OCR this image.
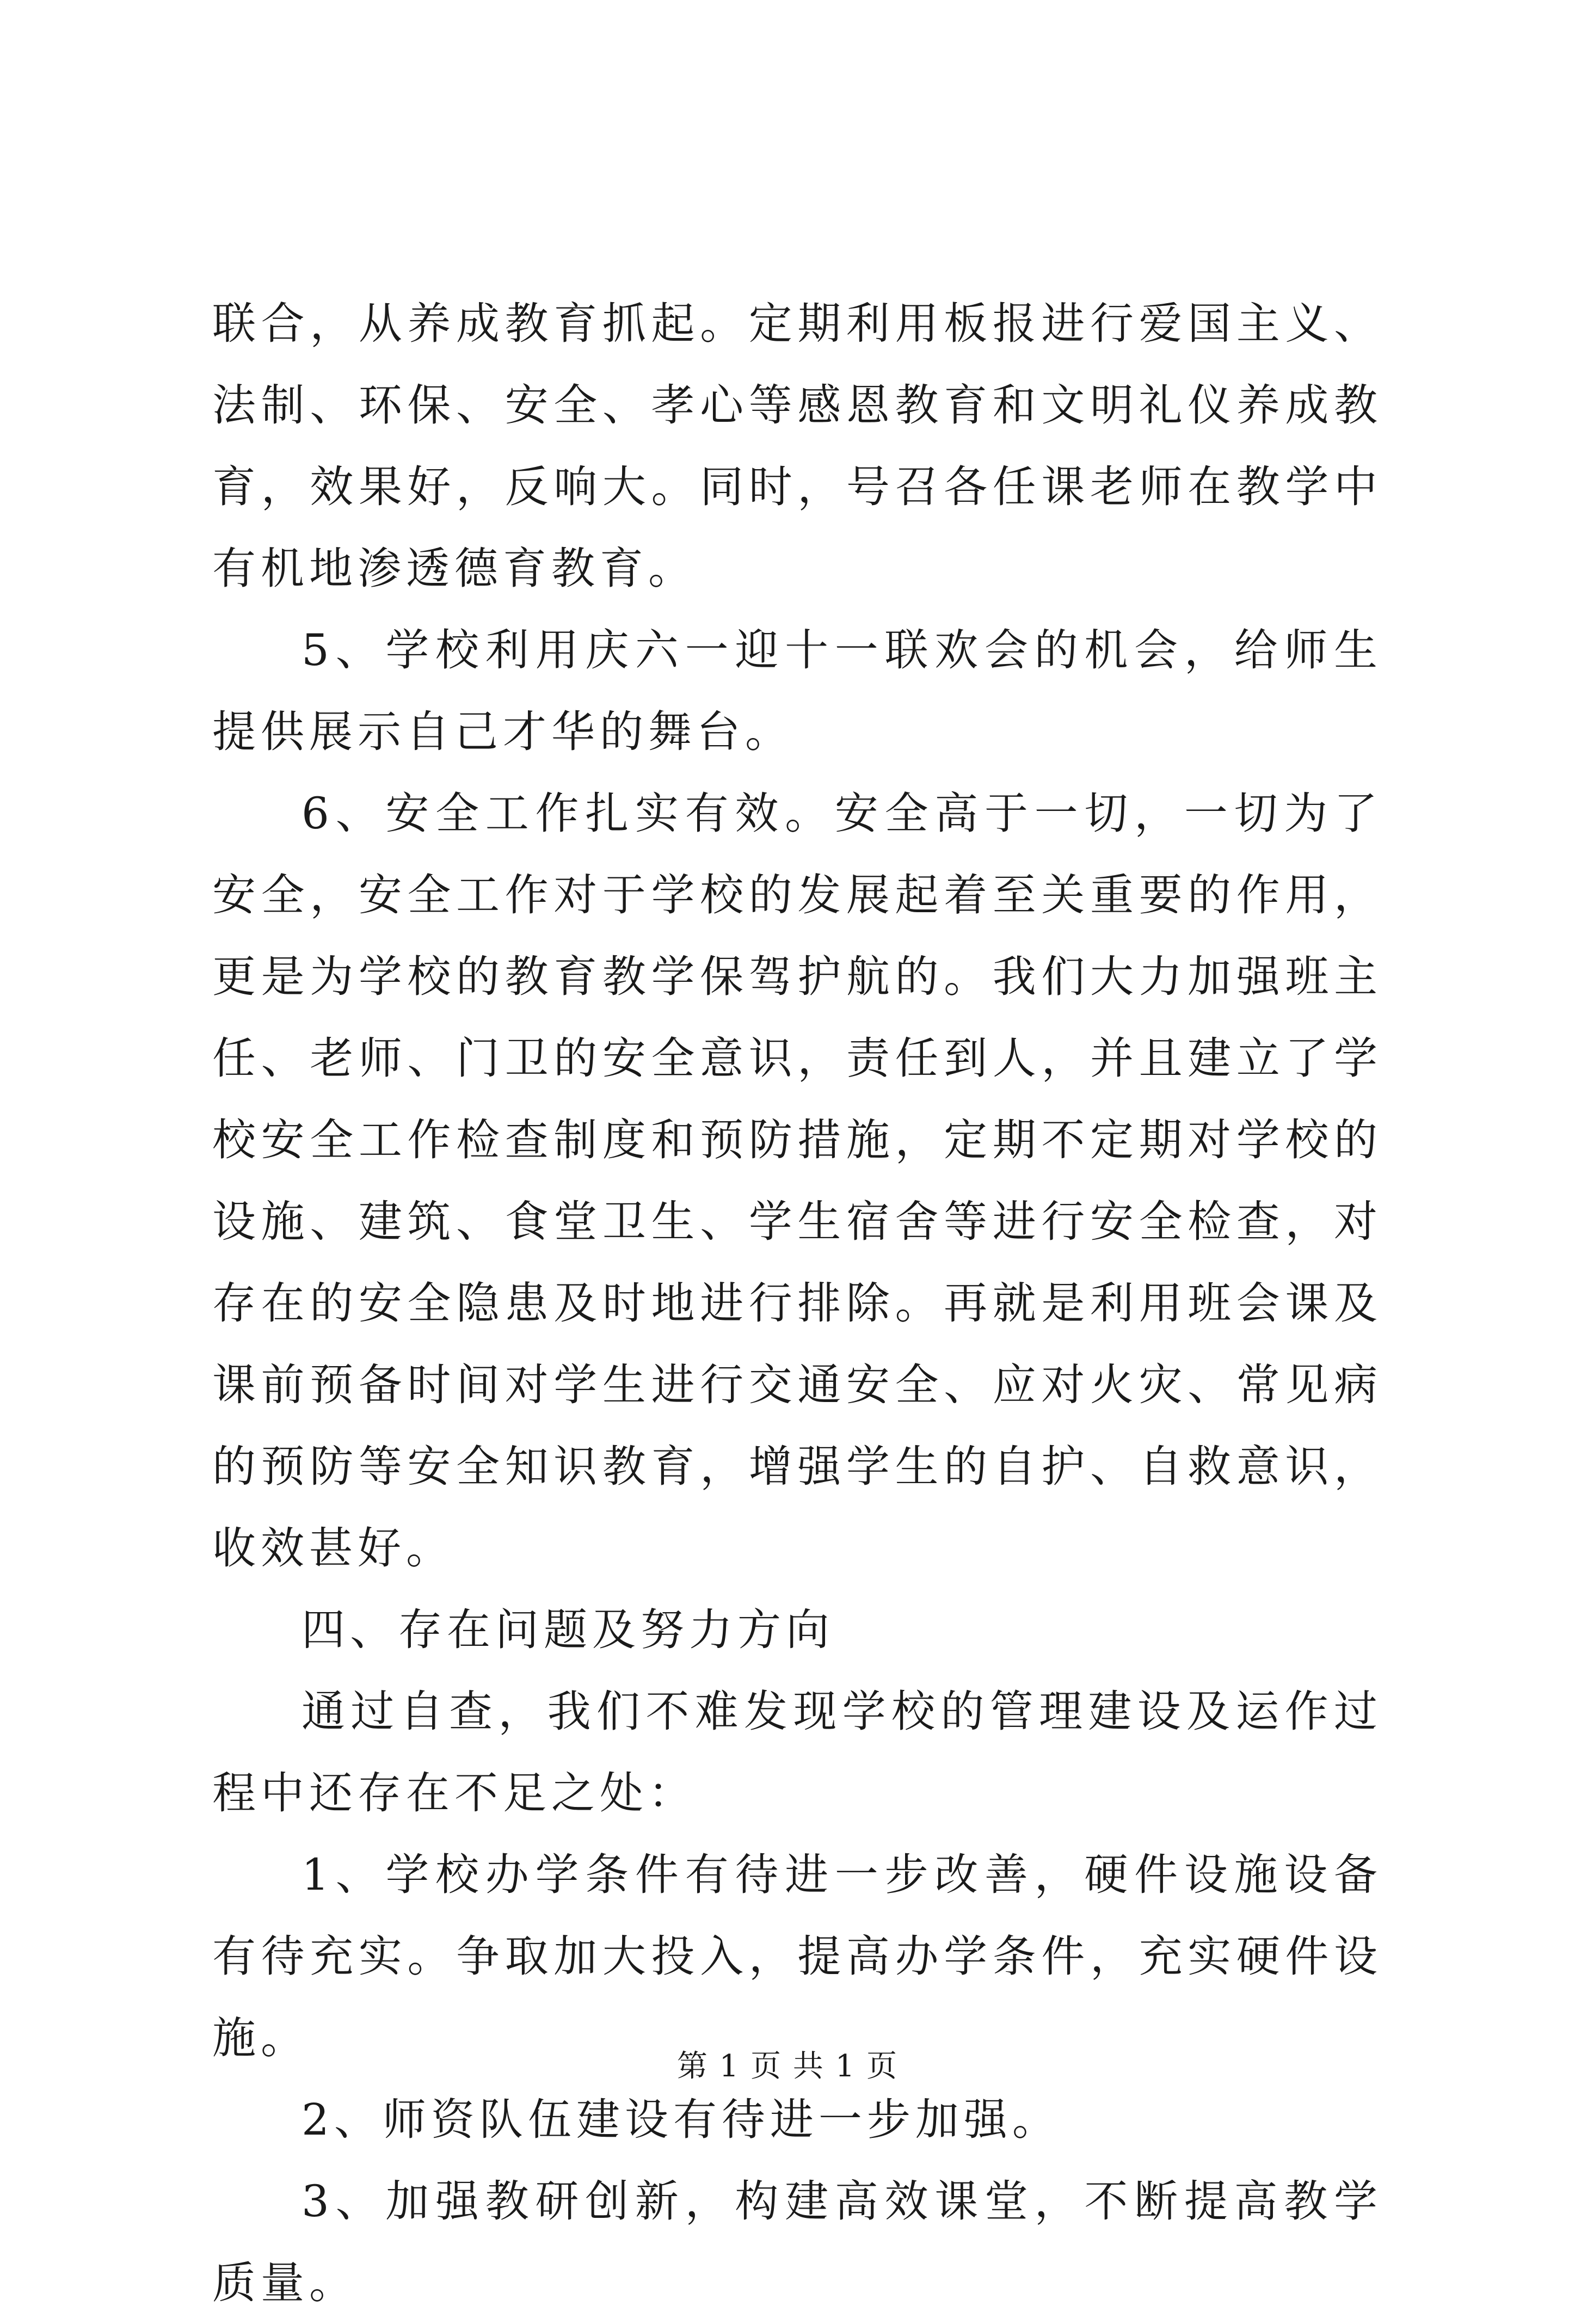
联合，从养成教育抓起。定期利用板报进行爱国主义、法制、环保、安全、孝心等感恩教育和文明礼仪养成教育，效果好，反响大。同时，号召各任课老师在教学中有机地渗透德育教育。

5、学校利用庆六一迎十一联欢会的机会，给师生提供展示自己才华的舞台。

6、安全工作扎实有效。安全高于一切，一切为了安全，安全工作对于学校的发展起着至关重要的作用，更是为学校的教育教学保驾护航的。我们大力加强班主任、老师、门卫的安全意识，责任到人，并且建立了学校安全工作检查制度和预防措施，定期不定期对学校的设施、建筑、食堂卫生、学生宿舍等进行安全检查，对存在的安全隐患及时地进行排除。再就是利用班会课及课前预备时间对学生进行交通安全、应对火灾、常见病的预防等安全知识教育，增强学生的自护、自救意识，收效甚好。

四、存在问题及努力方向

通过自查，我们不难发现学校的管理建设及运作过程中还存在不足之处：

1、学校办学条件有待进一步改善，硬件设施设备有待充实。争取加大投入，提高办学条件，充实硬件设施。

2、师资队伍建设有待进一步加强。

3、加强教研创新，构建高效课堂，不断提高教学质量。

第 1 页 共 1 页
